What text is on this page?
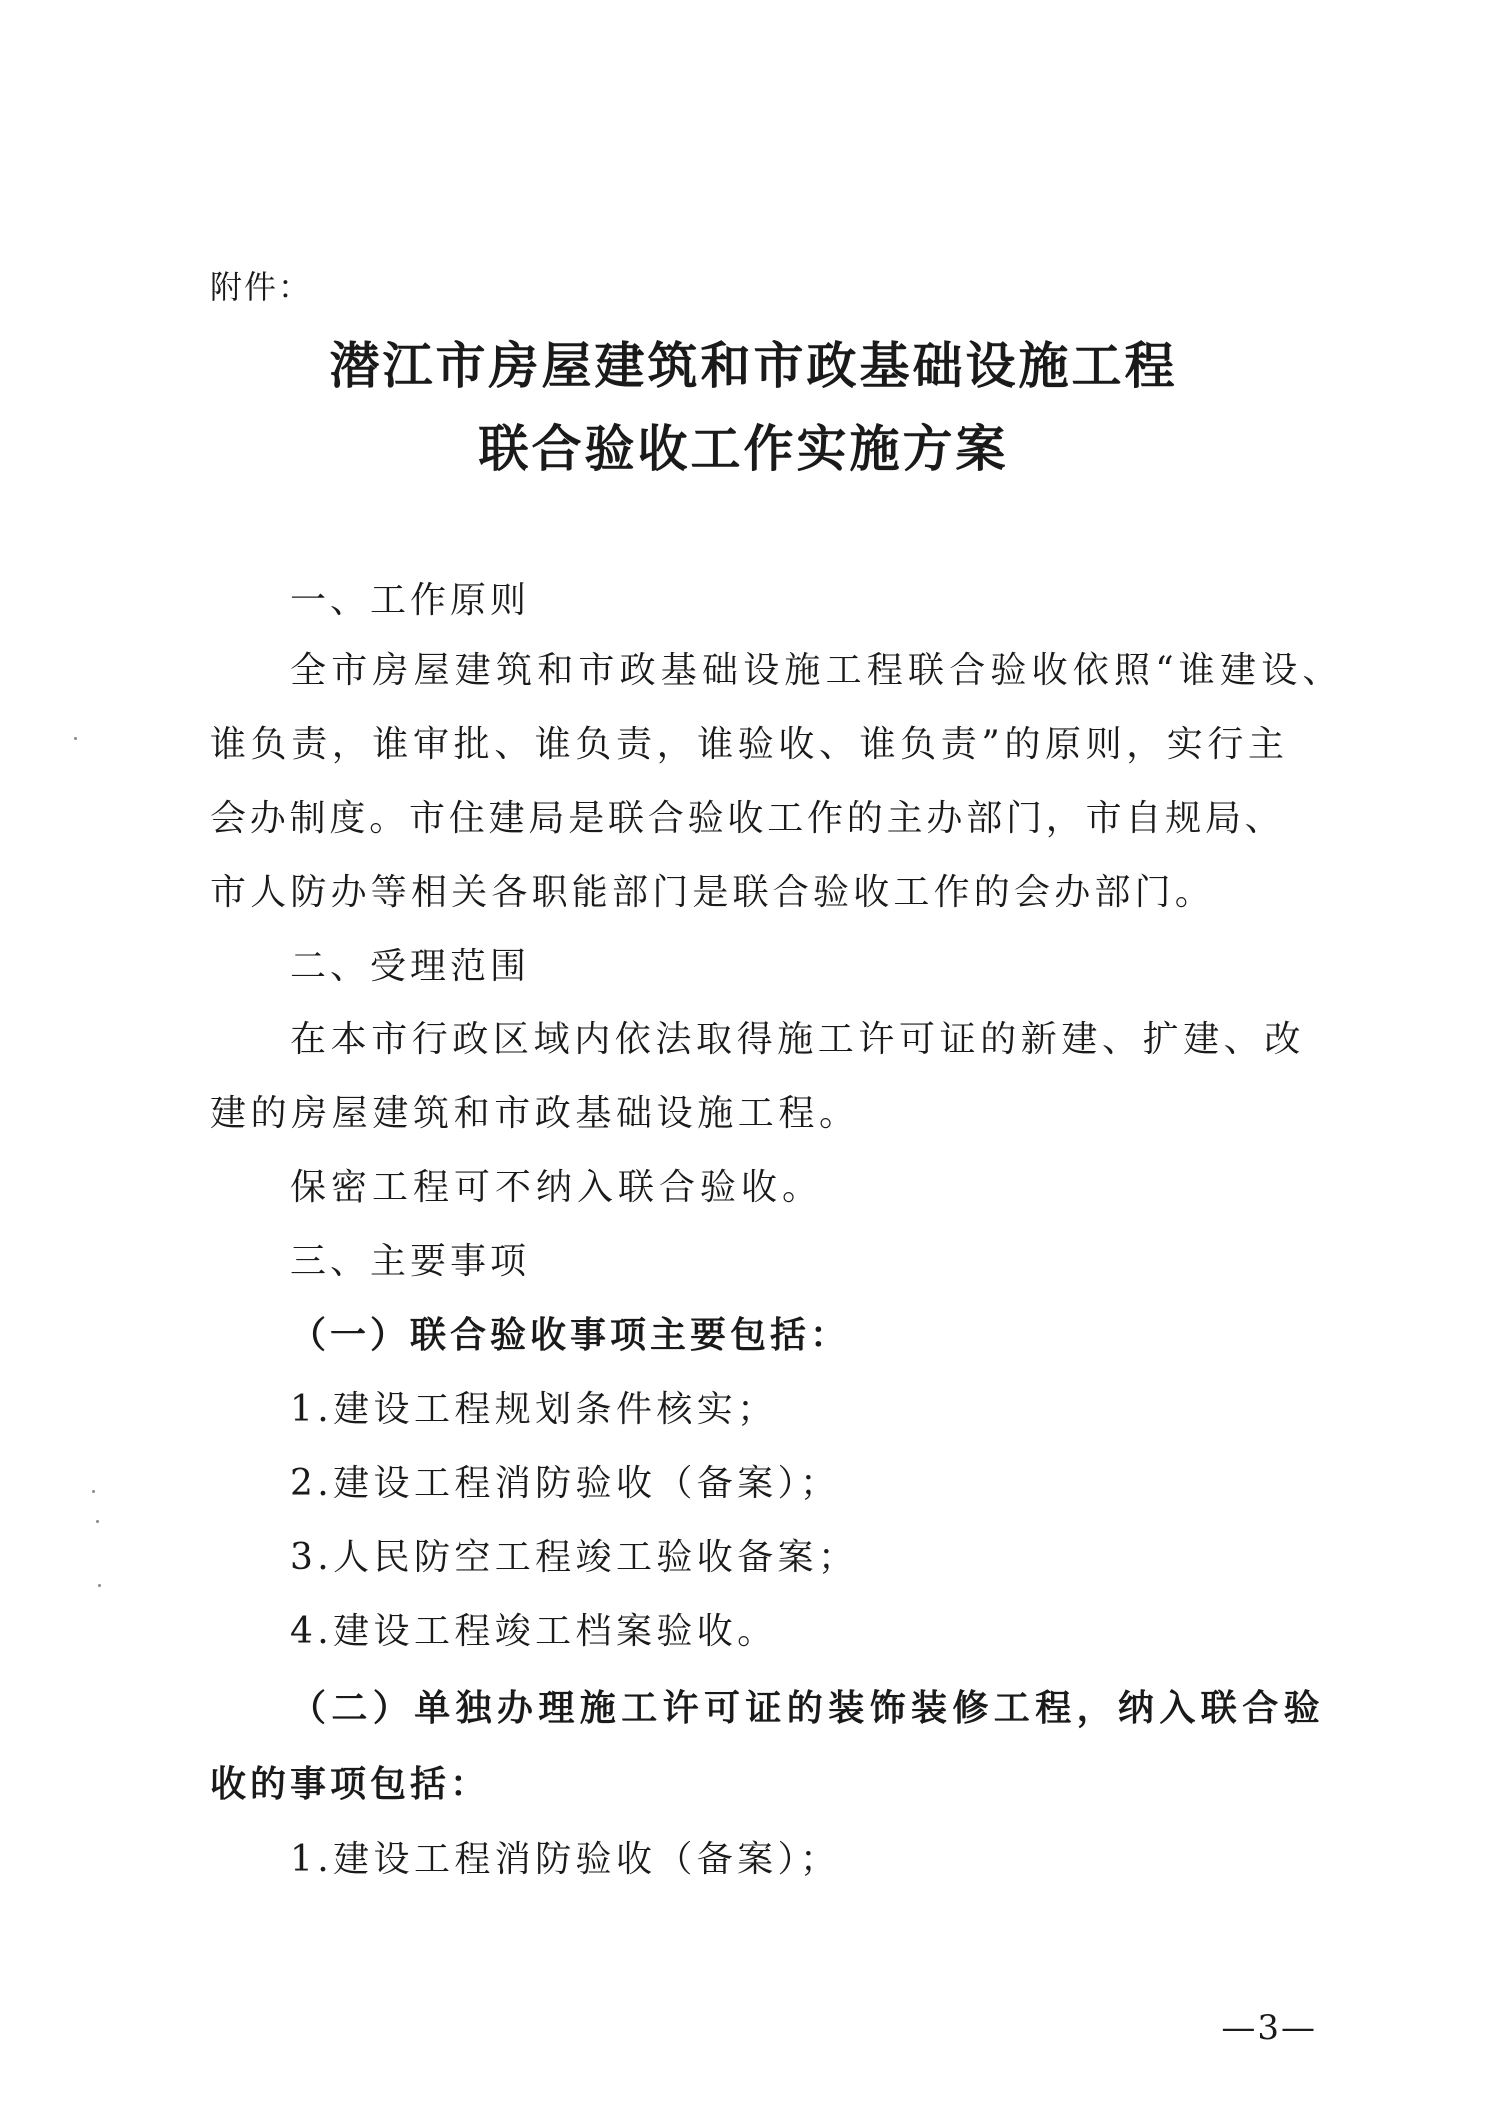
附件：
潜江市房屋建筑和市政基础设施工程
联合验收工作实施方案
一、工作原则
全市房屋建筑和市政基础设施工程联合验收依照“谁建设、
谁负责，谁审批、谁负责，谁验收、谁负责”的原则，实行主
会办制度。市住建局是联合验收工作的主办部门，市自规局、
市人防办等相关各职能部门是联合验收工作的会办部门。
二、受理范围
在本市行政区域内依法取得施工许可证的新建、扩建、改
建的房屋建筑和市政基础设施工程。
保密工程可不纳入联合验收。
三、主要事项
（一）联合验收事项主要包括：
1.建设工程规划条件核实；
2.建设工程消防验收（备案）；
3.人民防空工程竣工验收备案；
4.建设工程竣工档案验收。
（二）单独办理施工许可证的装饰装修工程，纳入联合验
收的事项包括：
1.建设工程消防验收（备案）；
—3—
